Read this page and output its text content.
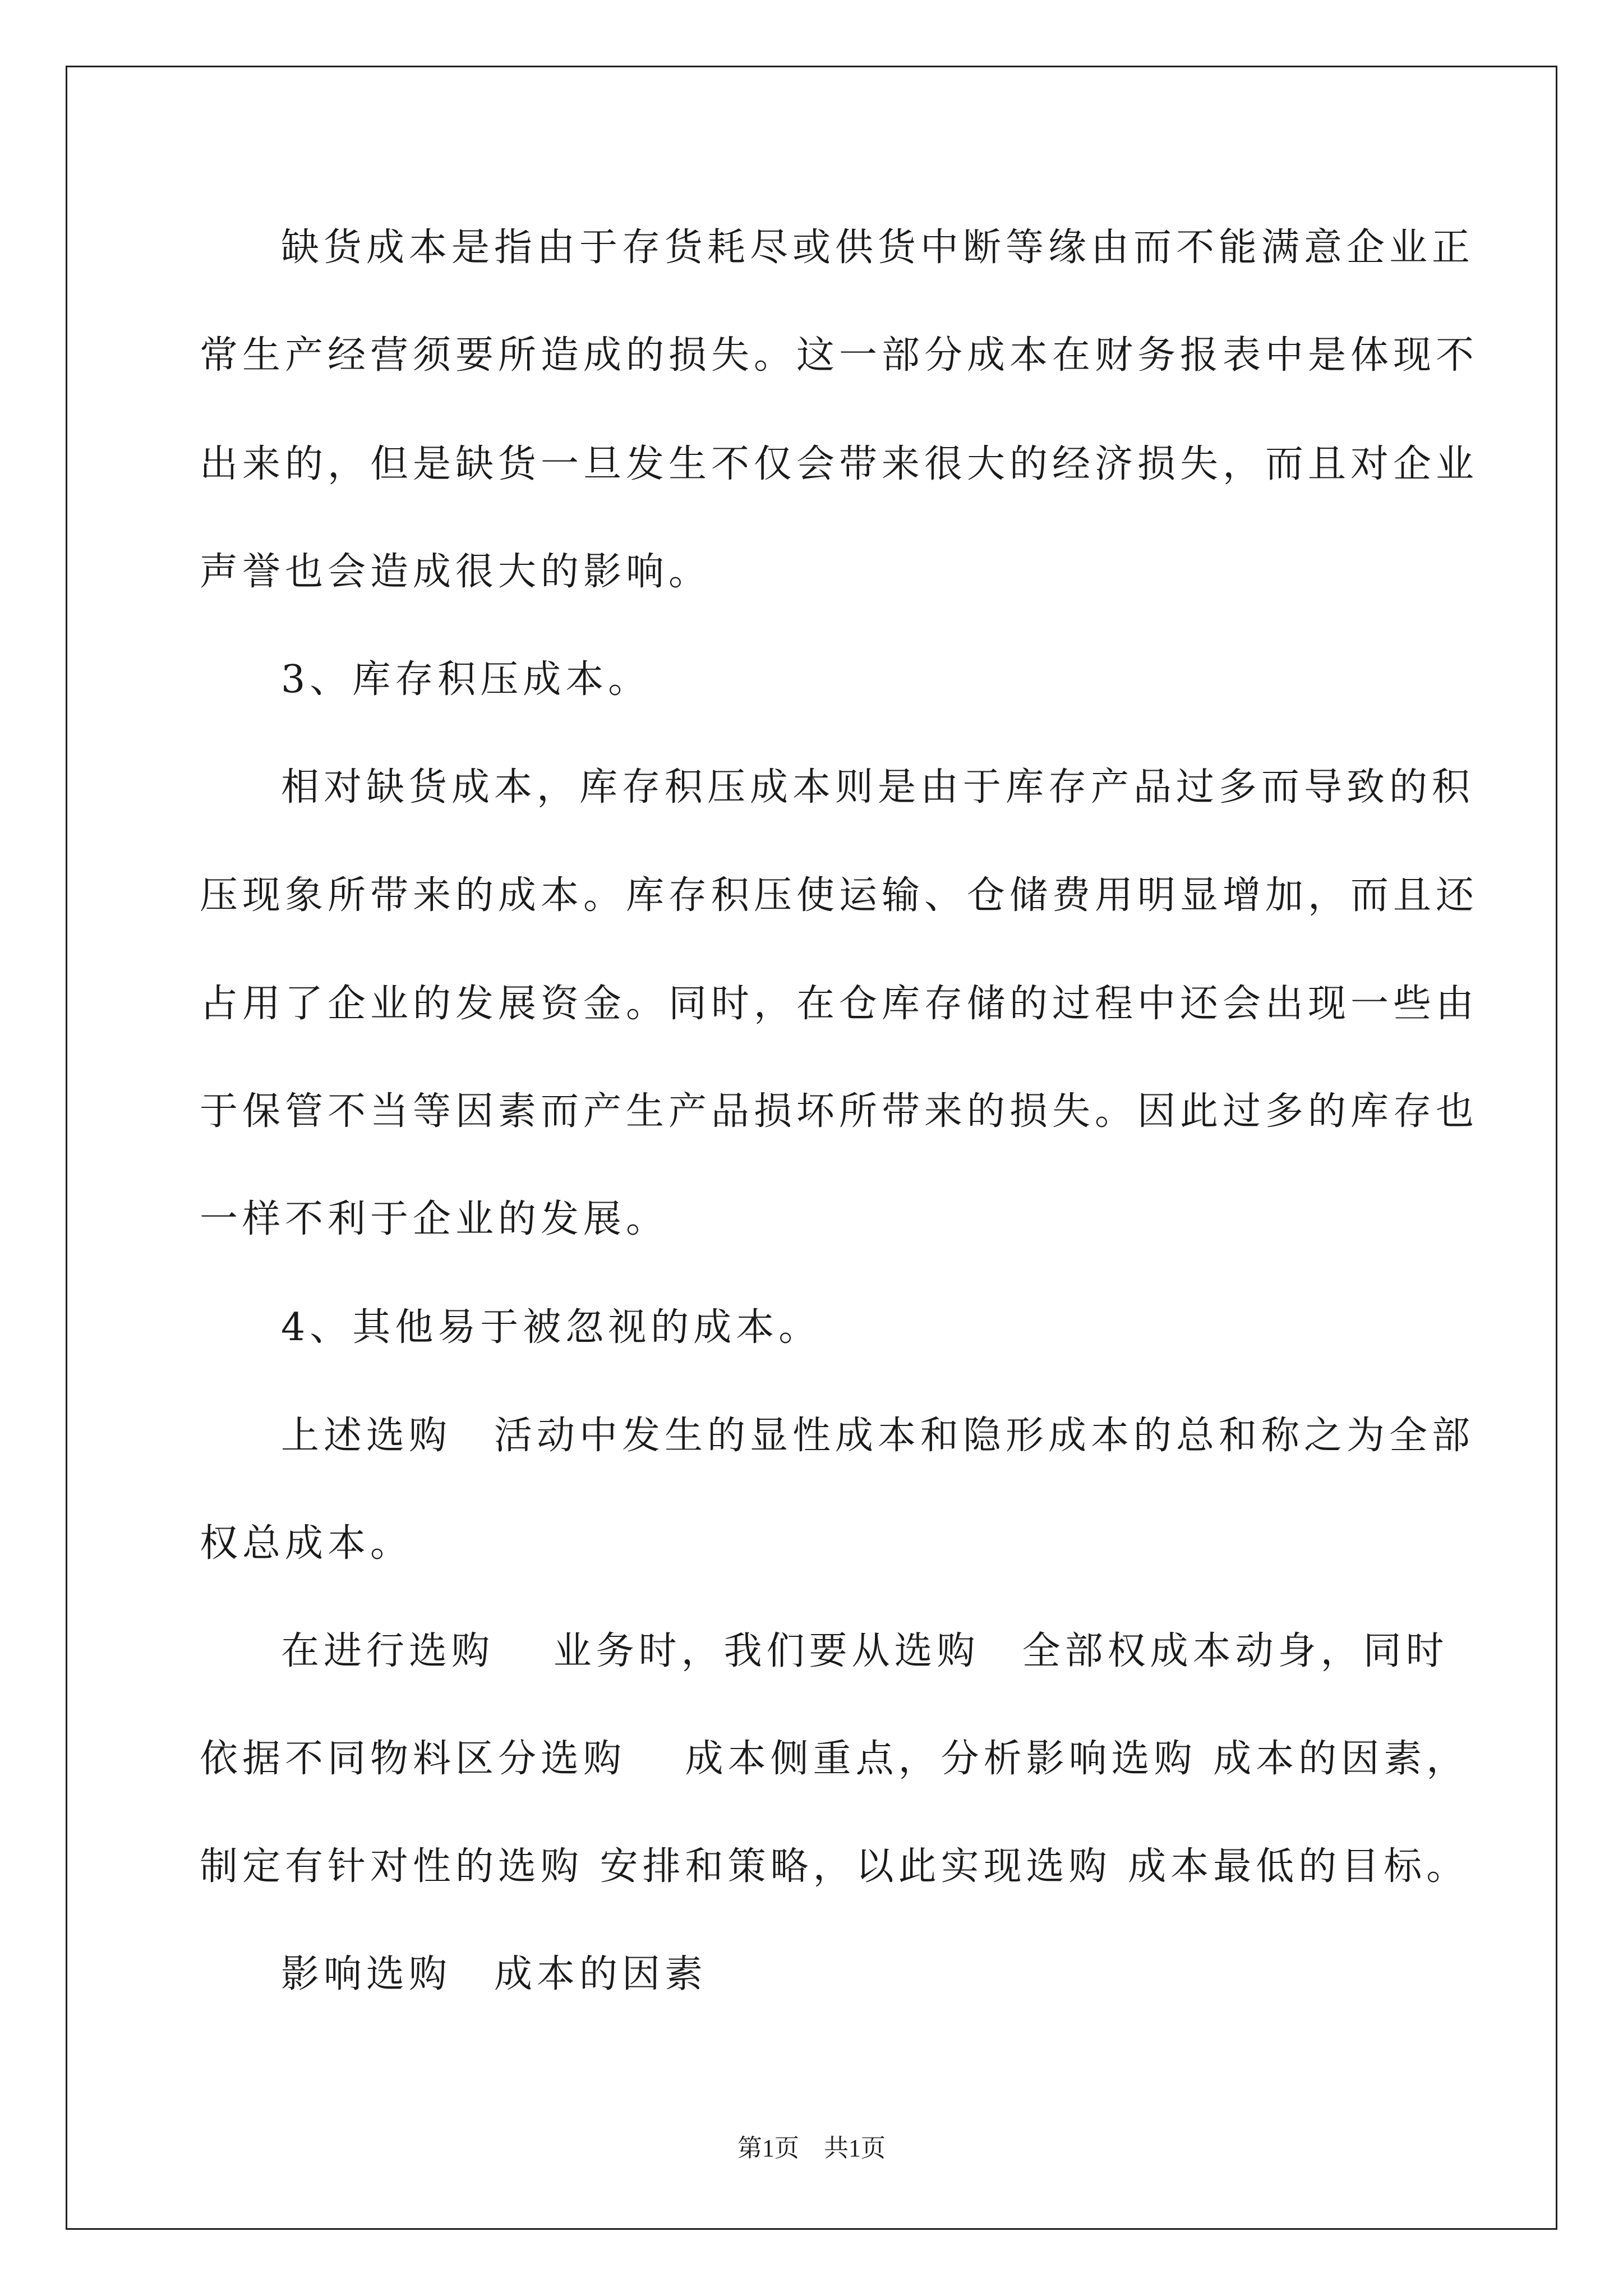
缺货成本是指由于存货耗尽或供货中断等缘由而不能满意企业正
常生产经营须要所造成的损失。这一部分成本在财务报表中是体现不
出来的，但是缺货一旦发生不仅会带来很大的经济损失，而且对企业
声誉也会造成很大的影响。
3、库存积压成本。
相对缺货成本，库存积压成本则是由于库存产品过多而导致的积
压现象所带来的成本。库存积压使运输、仓储费用明显增加，而且还
占用了企业的发展资金。同时，在仓库存储的过程中还会出现一些由
于保管不当等因素而产生产品损坏所带来的损失。因此过多的库存也
一样不利于企业的发展。
4、其他易于被忽视的成本。
上述选购　活动中发生的显性成本和隐形成本的总和称之为全部
权总成本。
在进行选购　 业务时，我们要从选购　全部权成本动身，同时
依据不同物料区分选购　 成本侧重点，分析影响选购 成本的因素，
制定有针对性的选购 安排和策略，以此实现选购 成本最低的目标。
影响选购　成本的因素
第1页　共1页
